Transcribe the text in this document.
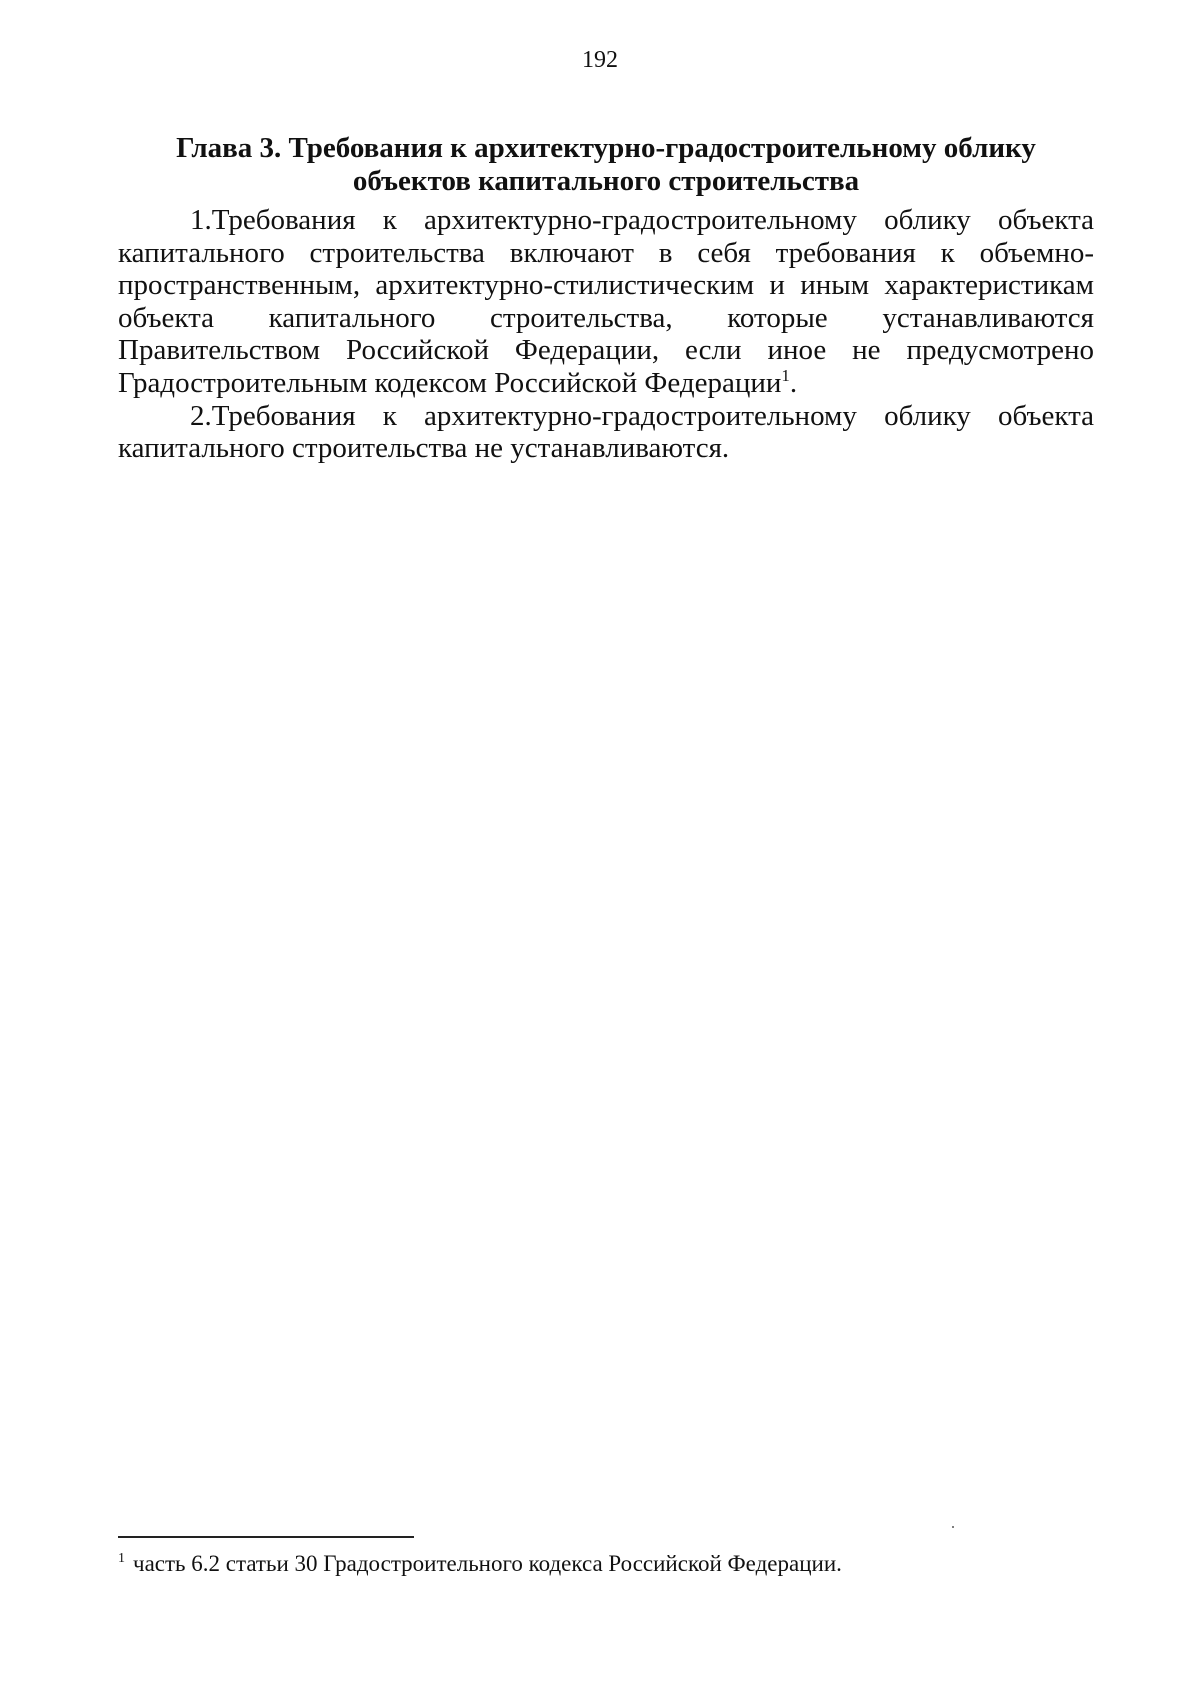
192
Глава 3. Требования к архитектурно-градостроительному облику объектов капитального строительства

1.Требования к архитектурно-градостроительному облику объекта капитального строительства включают в себя требования к объемно-пространственным, архитектурно-стилистическим и иным характеристикам объекта капитального строительства, которые устанавливаются Правительством Российской Федерации, если иное не предусмотрено Градостроительным кодексом Российской Федерации$^1$.

2.Требования к архитектурно-градостроительному облику объекта капитального строительства не устанавливаются.

$^1$ часть 6.2 статьи 30 Градостроительного кодекса Российской Федерации.
